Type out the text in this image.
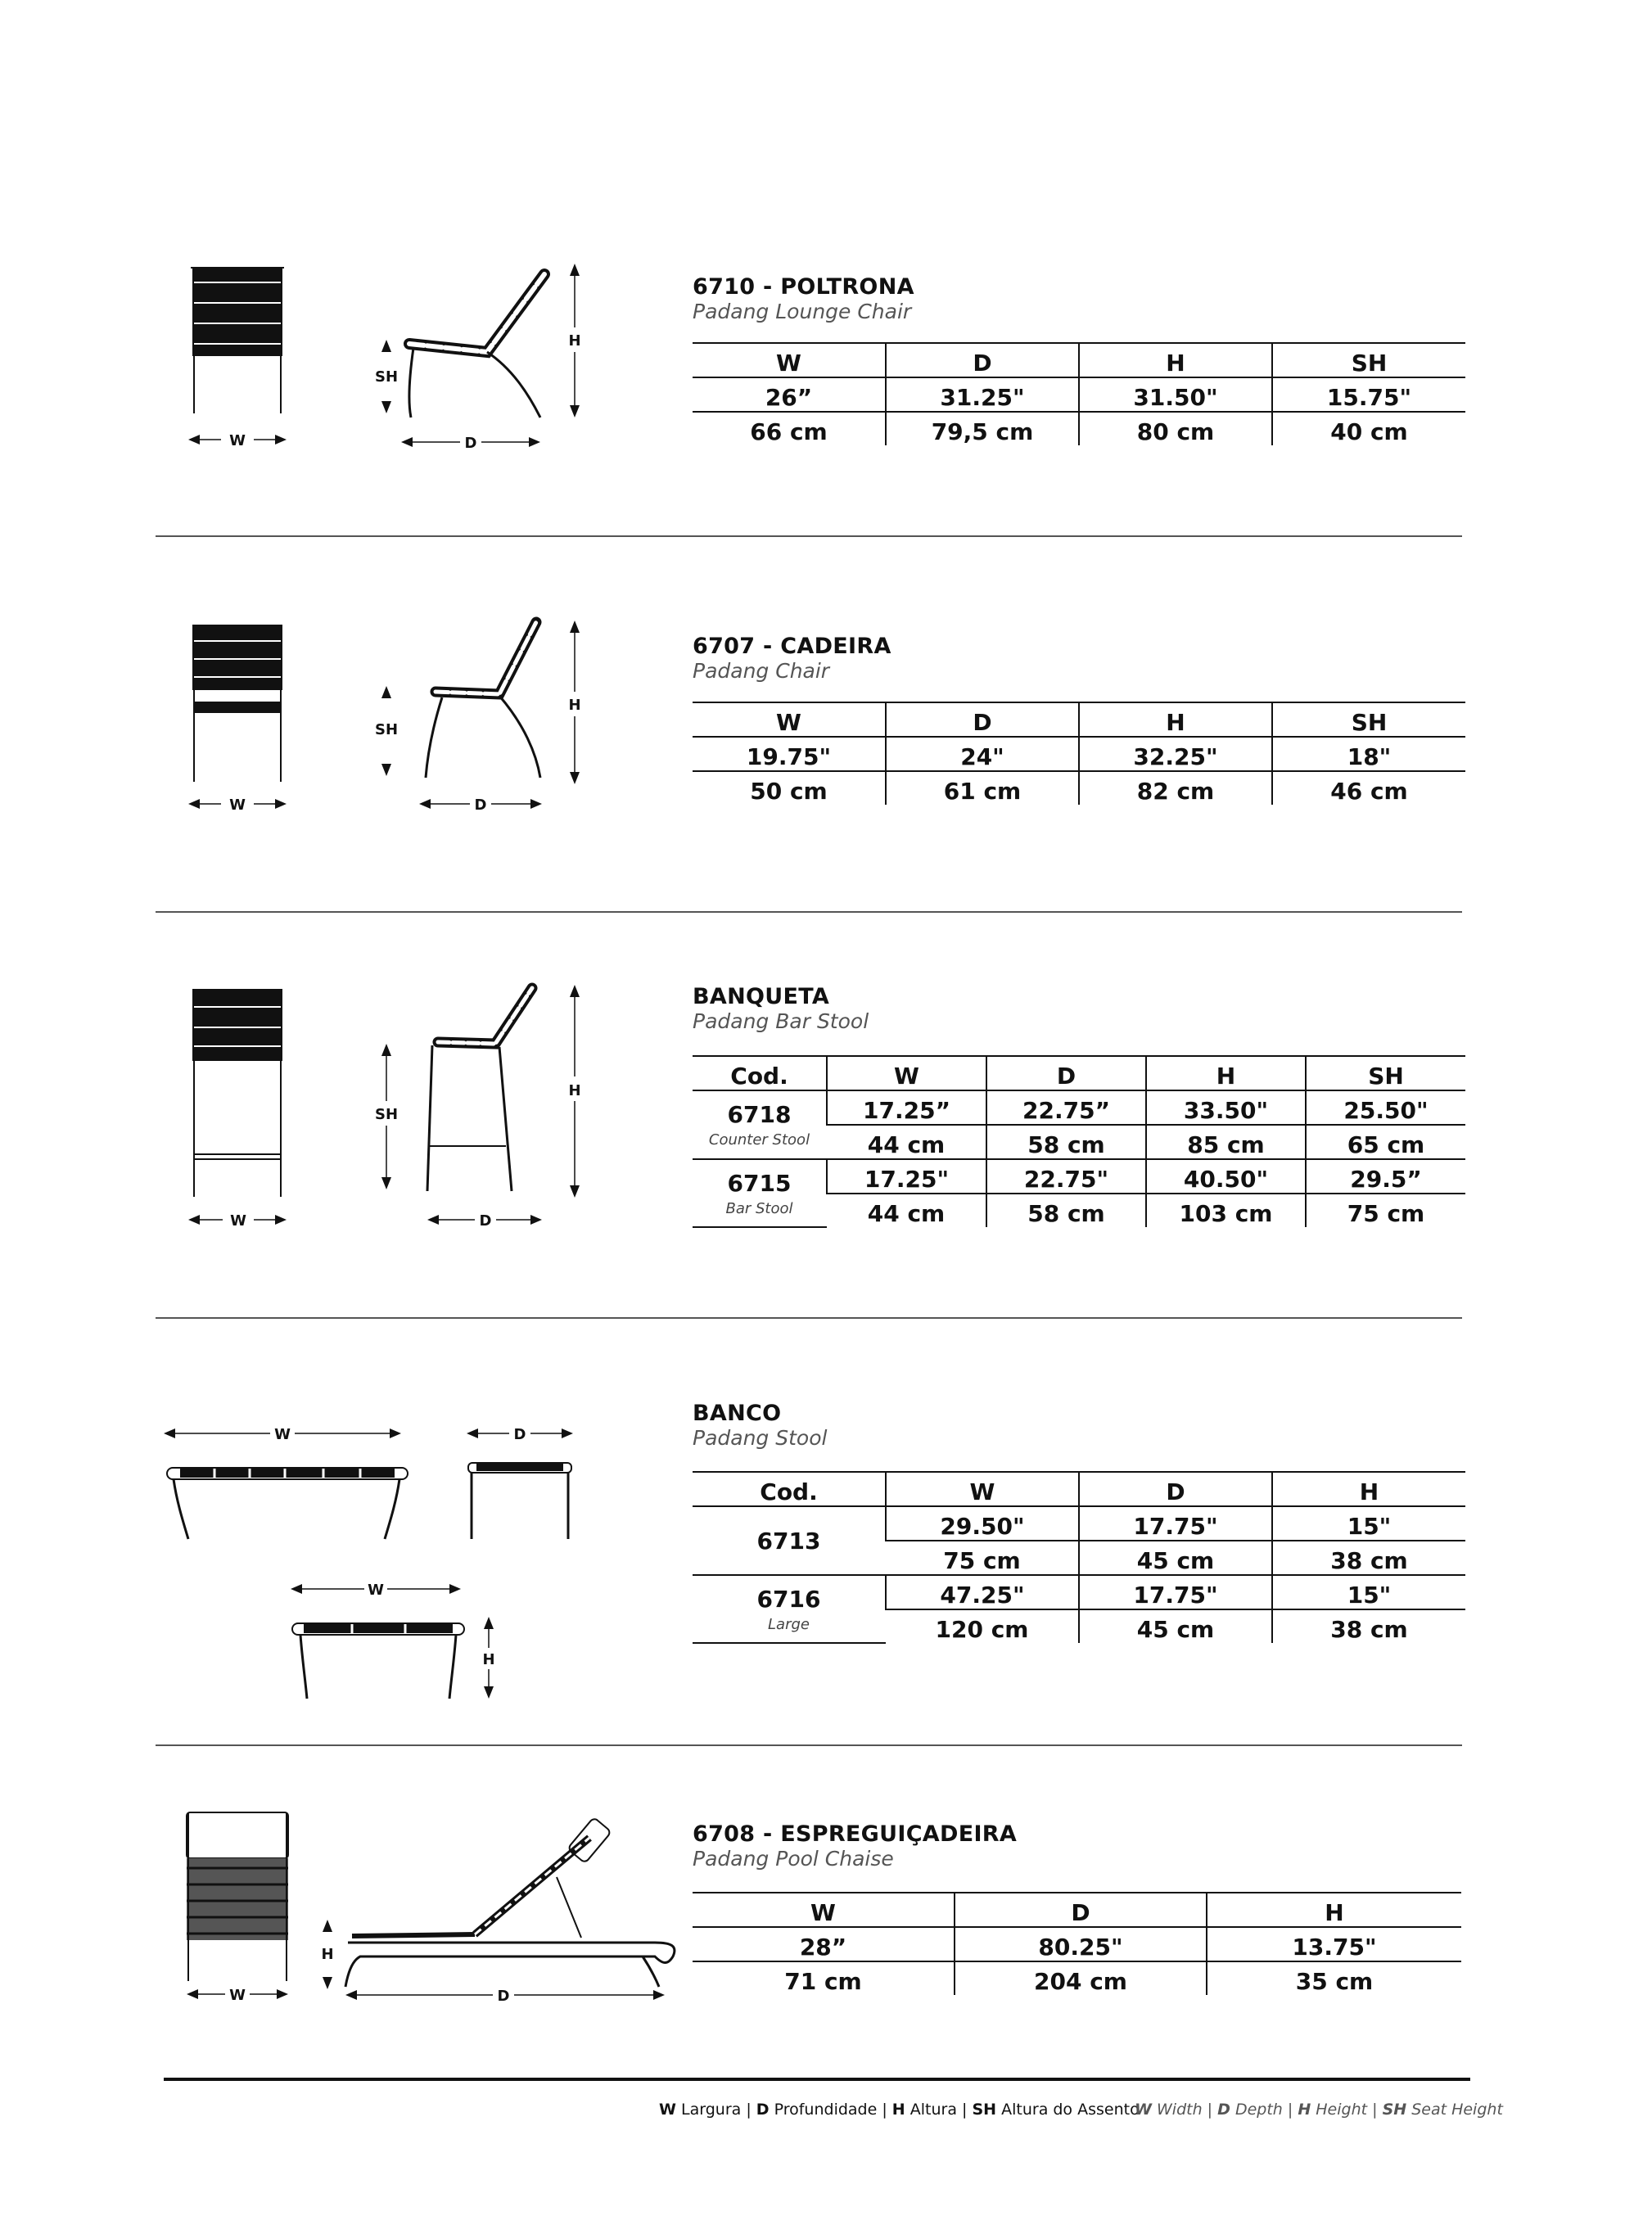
W
SH
H
D
6710 - POLTRONA
Padang Lounge Chair
W	D	H	SH
26”	31.25"	31.50"	15.75"
66 cm	79,5 cm	80 cm	40 cm
W
SH
H
D
6707 - CADEIRA
Padang Chair
W	D	H	SH
19.75"	24"	32.25"	18"
50 cm	61 cm	82 cm	46 cm
W
SH
H
D
BANQUETA
Padang Bar Stool
Cod.	W	D	H	SH

6718
Counter Stool	17.25”	22.75”	33.50"	25.50"
	44 cm	58 cm	85 cm	65 cm

6715
Bar Stool	17.25"	22.75"	40.50"	29.5”
	44 cm	58 cm	103 cm	75 cm
W	D
W
H
BANCO
Padang Stool
Cod.	W	D	H

6713	29.50"	17.75"	15"
	75 cm	45 cm	38 cm

6716
Large	47.25"	17.75"	15"
	120 cm	45 cm	38 cm
W
H
D
6708 - ESPREGUIÇADEIRA
Padang Pool Chaise
W	D	H
28”	80.25"	13.75"
71 cm	204 cm	35 cm
W Largura | D Profundidade | H Altura | SH Altura do Assento
W Width | D Depth | H Height | SH Seat Height
